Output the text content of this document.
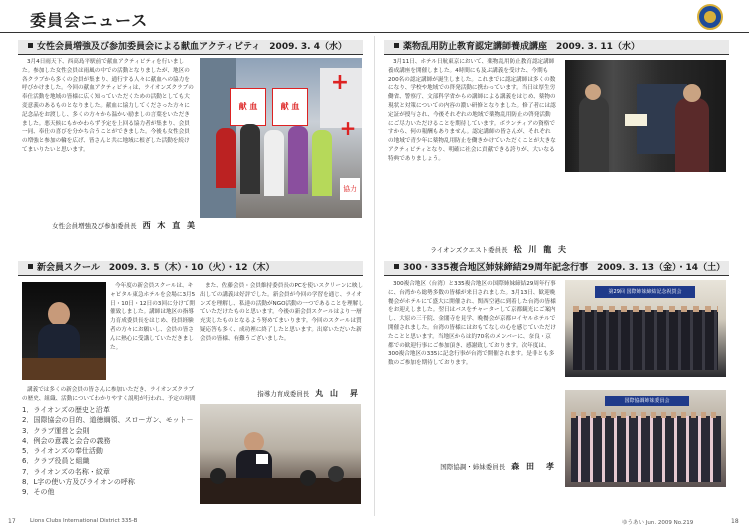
委員会ニュース
女性会員増強及び参加委員会による献血アクティビティ　2009. 3. 4（水）
3月4日雨天下、西高島平駅前で献血アクティビティを行いました。参加した女性会員は雨風の中での活動となりましたが、地区の各クラブから多くの会員が集まり、通行する人々に献血への協力を呼びかけました。今回の献血アクティビティは、ライオンズクラブの奉仕活動を地域の皆様に広く知っていただくための活動としても大変意義のあるものとなりました。献血に協力してくださった方々に記念品をお渡しし、多くの方々から温かい励ましの言葉をいただきました。悪天候にもかかわらず予定を上回る協力者が集まり、会員一同、奉仕の喜びを分かち合うことができました。今後も女性会員の増強と参加の輪を広げ、皆さんと共に地域に根ざした活動を続けてまいりたいと思います。
+
+
献 血	献 血
協力
女性会員増強及び参加委員長 西 木 直 美
薬物乱用防止教育認定講師養成講座　2009. 3. 11（水）
3月11日、ホテル日航東京において、薬物乱用防止教育認定講師養成講座を開催しました。4時間にも及ぶ講義を受けた、今期も200名の認定講師が誕生しました。これまでに認定講師は多くの数になり、学校や地域での啓発活動に携わっています。当日は厚生労働省、警察庁、文部科学省からの講師による講義をはじめ、薬物の現状と対策についての内容の濃い研修となりました。修了者には認定証が授与され、今後それぞれの地域で薬物乱用防止の啓発活動にご尽力いただけることを期待しています。ボランティアの資格ですから、何の報酬もありません。認定講師の皆さんが、それぞれの地域で青少年に薬物乱用防止を働きかけていただくことが大きなアクティビティとなり、明確に社会に貢献できる誇りが、大いなる特典でありましょう。
ライオンズクエスト委員長 松 川 龍 夫
新会員スクール　2009. 3. 5（木）・10（火）・12（木）
今年度の新会員スクールは、キャピタル東急ホテルを会場に3月5日・10日・12日の3回に分けて開催致しました。講師は地区の指導力育成委員長をはじめ、役員経験者の方々にお願いし、会員の皆さんに熱心に受講していただきました。
講義では多くの新会員の皆さんに参加いただき、ライオンズクラブの歴史、組織、活動についてわかりやすく説明が行われ、予定の時間
1．ライオンズの歴史と沿革
2．国際協会の目的、道徳綱領、スローガン、モット－
3．クラブ運営と会則
4．例会の意義と会合の義務
5．ライオンズの奉仕活動
6．クラブ役員と組織
7．ライオンズの名称・紋章
8．L字の使い方及びライオンの呼称
9．その他
また、佐藤会員・会員維持委員長のPCを使いスクリーンに映し出しての講義は好評でした。新会員が今回の学習を通じ、ライオンズを理解し、私達の活動がNGO活動の一つであることを理解していただけたものと思います。今後の新会員スクールはより一層充実したものとなるよう努めてまいります。今回のスクールは質疑応答も多く、成功裡に終了したと思います。出席いただいた新会員の皆様、有難うございました。
指導力育成委員長 丸 山　昇
300・335複合地区姉妹締結29周年記念行事　2009. 3. 13（金）・14（土）
300複合地区（台湾）と335複合地区の国際姉妹締結29周年行事に、台湾から総勢多数の皆様が来日されました。3月13日、歓迎晩餐会がホテルにて盛大に開催され、関西空港に到着した台湾の皆様をお迎えしました。翌日はバスをチャーターして京都観光にご案内し、大原の三千院、金閣寺を見学、晩餐会が京都ロイヤルホテルで開催されました。台湾の皆様にはおもてなしの心を感じていただけたことと思います。当地区からは約70名のメンバーに、奈良・京都での歓迎行事にご参加頂き、感謝致しております。次年度は、300複合地区の335に記念行事が台湾で開催されます。是非とも多数のご参加を期待しております。
国際協調・姉妹委員長 森 田　孝
第29回 国際姉妹締結記念祝賀会
国際協調姉妹委員会
17	Lions Clubs International District 335-B	ゆうあい Jun. 2009 No.219	18
